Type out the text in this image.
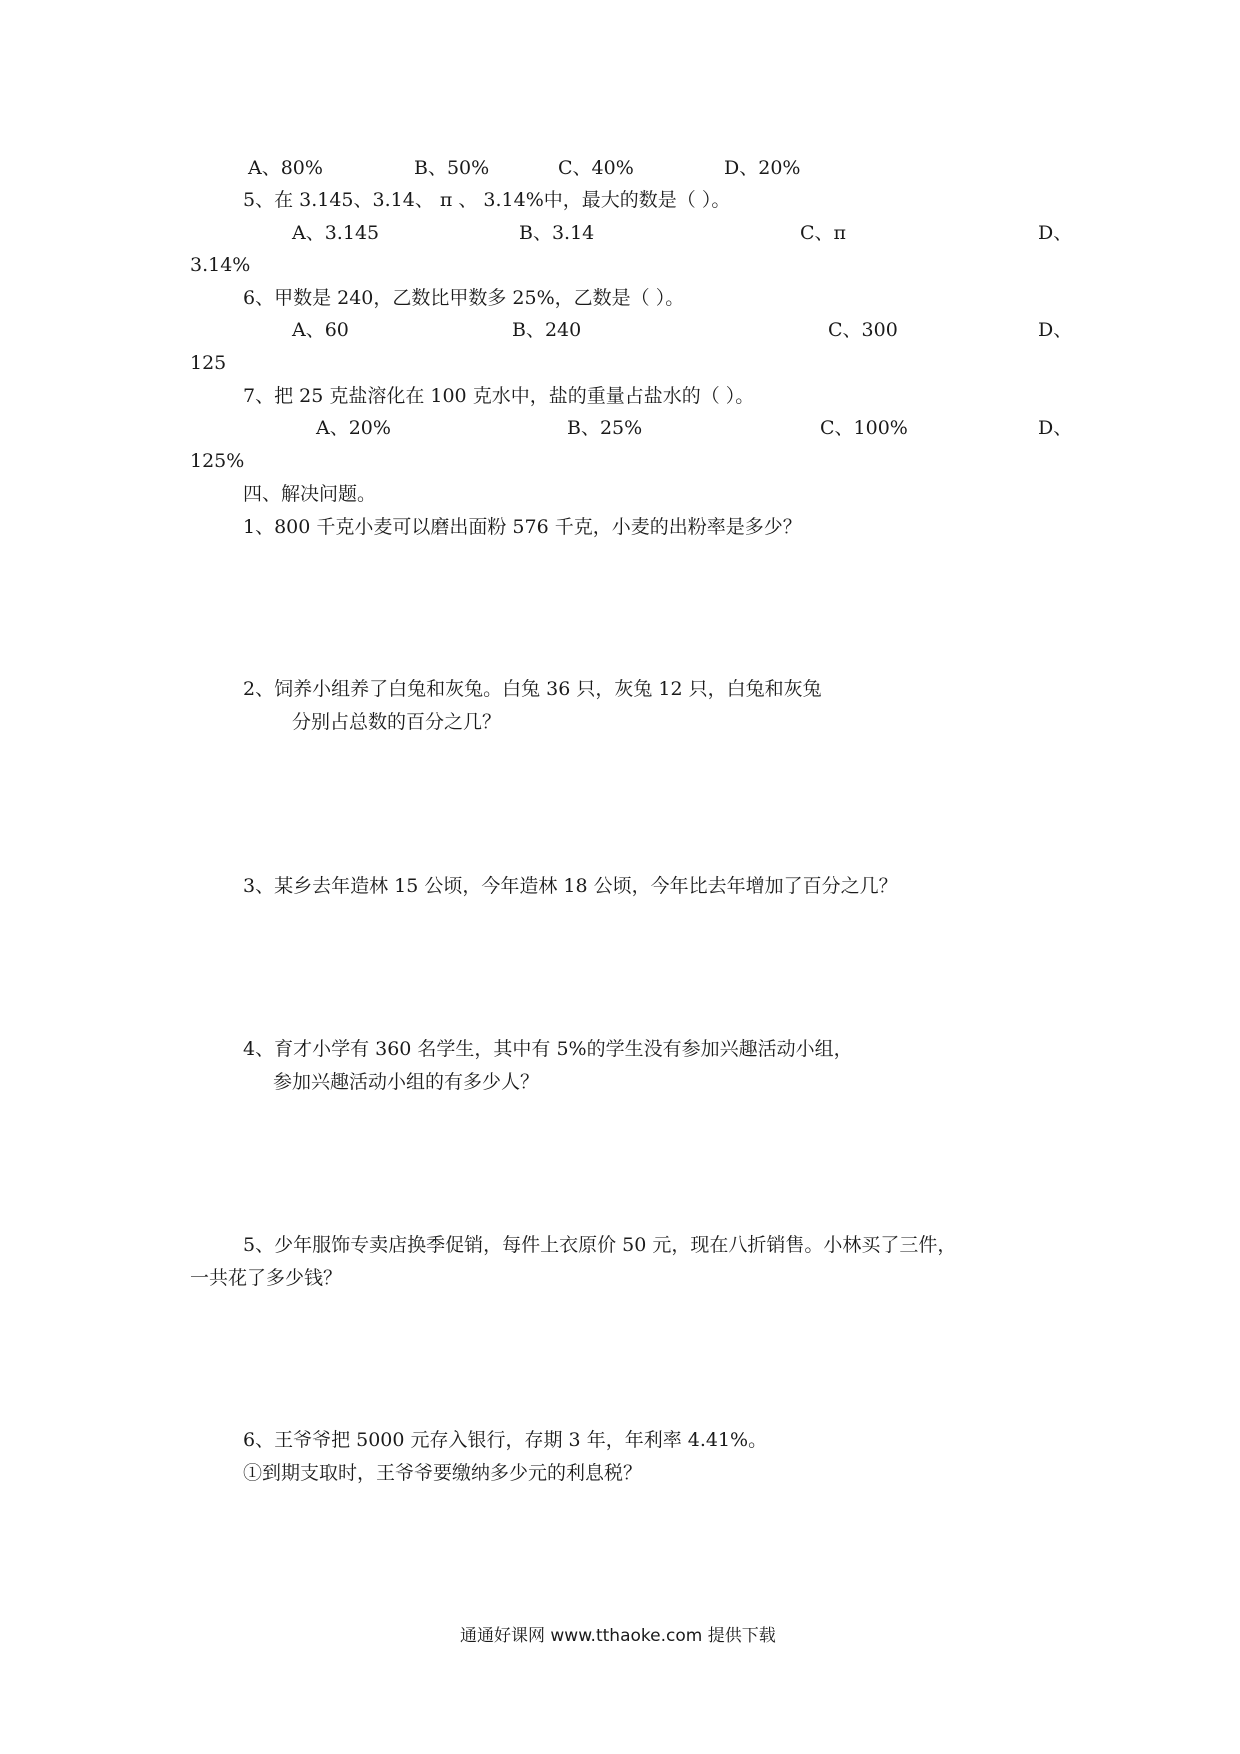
A、80%	B、50%	C、40%	D、20%
5、在 3.145、3.14、 π 、 3.14%中，最大的数是（ ）。
A、3.145	B、3.14	C、π	D、
3.14%
6、甲数是 240，乙数比甲数多 25%，乙数是（ ）。
A、60	B、240	C、300	D、
125
7、把 25 克盐溶化在 100 克水中，盐的重量占盐水的（ ）。
A、20%	B、25%	C、100%	D、
125%
四、解决问题。
1、800 千克小麦可以磨出面粉 576 千克，小麦的出粉率是多少？
2、饲养小组养了白兔和灰兔。白兔 36 只，灰兔 12 只，白兔和灰兔
分别占总数的百分之几？
3、某乡去年造林 15 公顷，今年造林 18 公顷，今年比去年增加了百分之几？
4、育才小学有 360 名学生，其中有 5%的学生没有参加兴趣活动小组，
参加兴趣活动小组的有多少人？
5、少年服饰专卖店换季促销，每件上衣原价 50 元，现在八折销售。小林买了三件，
一共花了多少钱？
6、王爷爷把 5000 元存入银行，存期 3 年，年利率 4.41%。
①到期支取时，王爷爷要缴纳多少元的利息税？
通通好课网 www.tthaoke.com 提供下载
